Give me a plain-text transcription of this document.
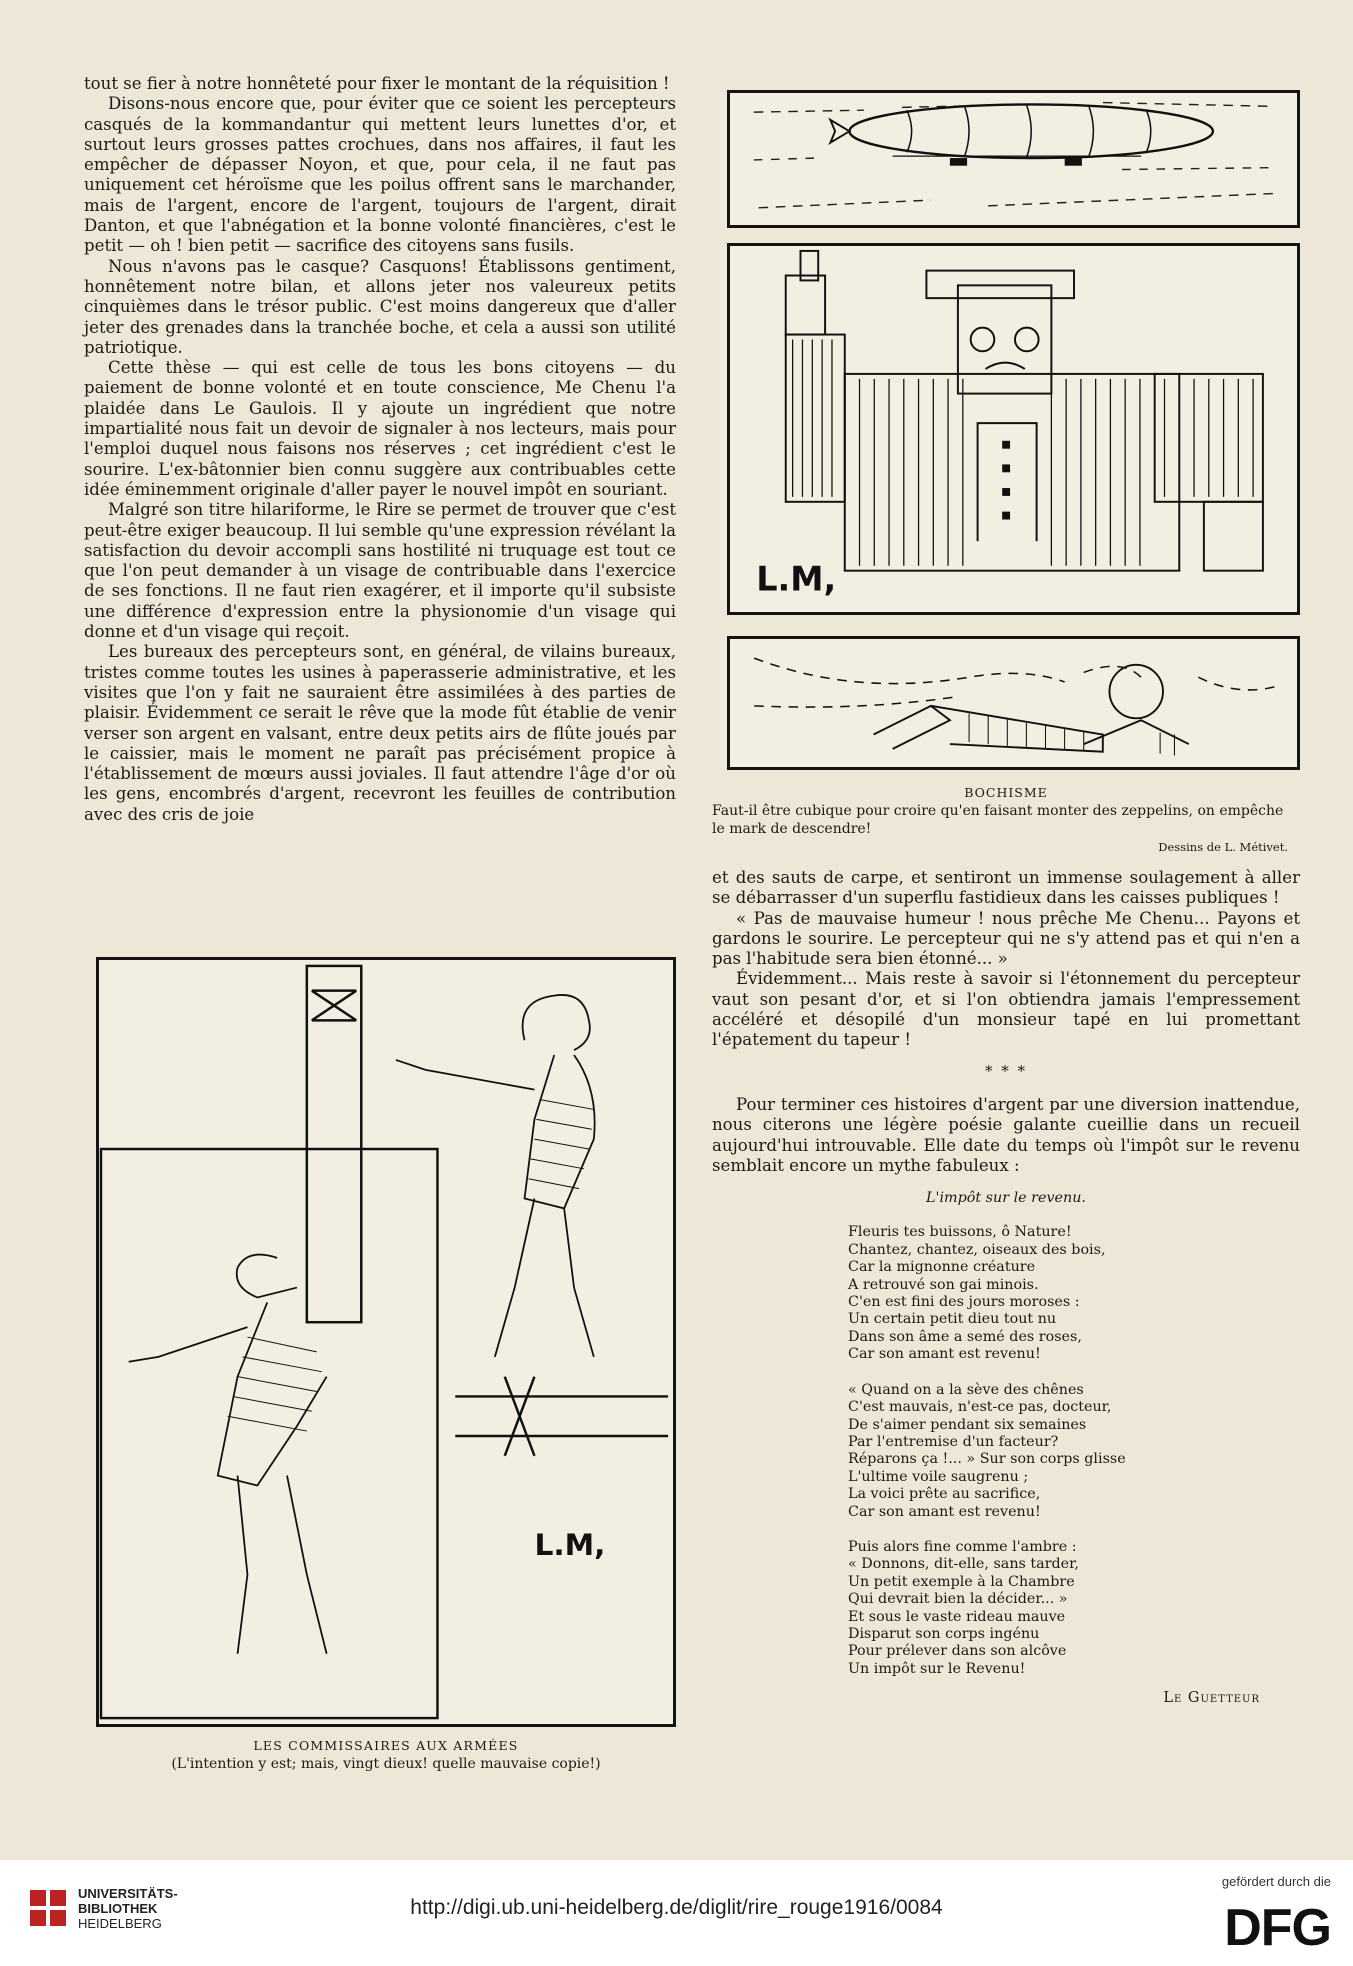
tout se fier à notre honnêteté pour fixer le montant de la réquisition !

Disons-nous encore que, pour éviter que ce soient les percepteurs casqués de la kommandantur qui mettent leurs lunettes d'or, et surtout leurs grosses pattes crochues, dans nos affaires, il faut les empêcher de dépasser Noyon, et que, pour cela, il ne faut pas uniquement cet héroïsme que les poilus offrent sans le marchander, mais de l'argent, encore de l'argent, toujours de l'argent, dirait Danton, et que l'abnégation et la bonne volonté financières, c'est le petit — oh ! bien petit — sacrifice des citoyens sans fusils.

Nous n'avons pas le casque? Casquons! Établissons gentiment, honnêtement notre bilan, et allons jeter nos valeureux petits cinquièmes dans le trésor public. C'est moins dangereux que d'aller jeter des grenades dans la tranchée boche, et cela a aussi son utilité patriotique.

Cette thèse — qui est celle de tous les bons citoyens — du paiement de bonne volonté et en toute conscience, Me Chenu l'a plaidée dans Le Gaulois. Il y ajoute un ingrédient que notre impartialité nous fait un devoir de signaler à nos lecteurs, mais pour l'emploi duquel nous faisons nos réserves ; cet ingrédient c'est le sourire. L'ex-bâtonnier bien connu suggère aux contribuables cette idée éminemment originale d'aller payer le nouvel impôt en souriant.

Malgré son titre hilariforme, le Rire se permet de trouver que c'est peut-être exiger beaucoup. Il lui semble qu'une expression révélant la satisfaction du devoir accompli sans hostilité ni truquage est tout ce que l'on peut demander à un visage de contribuable dans l'exercice de ses fonctions. Il ne faut rien exagérer, et il importe qu'il subsiste une différence d'expression entre la physionomie d'un visage qui donne et d'un visage qui reçoit.

Les bureaux des percepteurs sont, en général, de vilains bureaux, tristes comme toutes les usines à paperasserie administrative, et les visites que l'on y fait ne sauraient être assimilées à des parties de plaisir. Évidemment ce serait le rêve que la mode fût établie de venir verser son argent en valsant, entre deux petits airs de flûte joués par le caissier, mais le moment ne paraît pas précisément propice à l'établissement de mœurs aussi joviales. Il faut attendre l'âge d'or où les gens, encombrés d'argent, recevront les feuilles de contribution avec des cris de joie

L.M,
BOCHISME
Faut-il être cubique pour croire qu'en faisant monter des zeppelins, on empêche le mark de descendre!
Dessins de L. Métivet.

et des sauts de carpe, et sentiront un immense soulagement à aller se débarrasser d'un superflu fastidieux dans les caisses publiques !

« Pas de mauvaise humeur ! nous prêche Me Chenu... Payons et gardons le sourire. Le percepteur qui ne s'y attend pas et qui n'en a pas l'habitude sera bien étonné... »

Évidemment... Mais reste à savoir si l'étonnement du percepteur vaut son pesant d'or, et si l'on obtiendra jamais l'empressement accéléré et désopilé d'un monsieur tapé en lui promettant l'épatement du tapeur !

* * *

Pour terminer ces histoires d'argent par une diversion inattendue, nous citerons une légère poésie galante cueillie dans un recueil aujourd'hui introuvable. Elle date du temps où l'impôt sur le revenu semblait encore un mythe fabuleux :

L'impôt sur le revenu.
Fleuris tes buissons, ô Nature!
Chantez, chantez, oiseaux des bois,
Car la mignonne créature
A retrouvé son gai minois.
C'en est fini des jours moroses :
Un certain petit dieu tout nu
Dans son âme a semé des roses,
Car son amant est revenu!
« Quand on a la sève des chênes
C'est mauvais, n'est-ce pas, docteur,
De s'aimer pendant six semaines
Par l'entremise d'un facteur?
Réparons ça !... » Sur son corps glisse
L'ultime voile saugrenu ;
La voici prête au sacrifice,
Car son amant est revenu!
Puis alors fine comme l'ambre :
« Donnons, dit-elle, sans tarder,
Un petit exemple à la Chambre
Qui devrait bien la décider... »
Et sous le vaste rideau mauve
Disparut son corps ingénu
Pour prélever dans son alcôve
Un impôt sur le Revenu!
Le Guetteur
L.M,
LES COMMISSAIRES AUX ARMÉES
(L'intention y est; mais, vingt dieux! quelle mauvaise copie!)
UNIVERSITÄTS-
BIBLIOTHEK
HEIDELBERG
http://digi.ub.uni-heidelberg.de/diglit/rire_rouge1916/0084
gefördert durch die
DFG
